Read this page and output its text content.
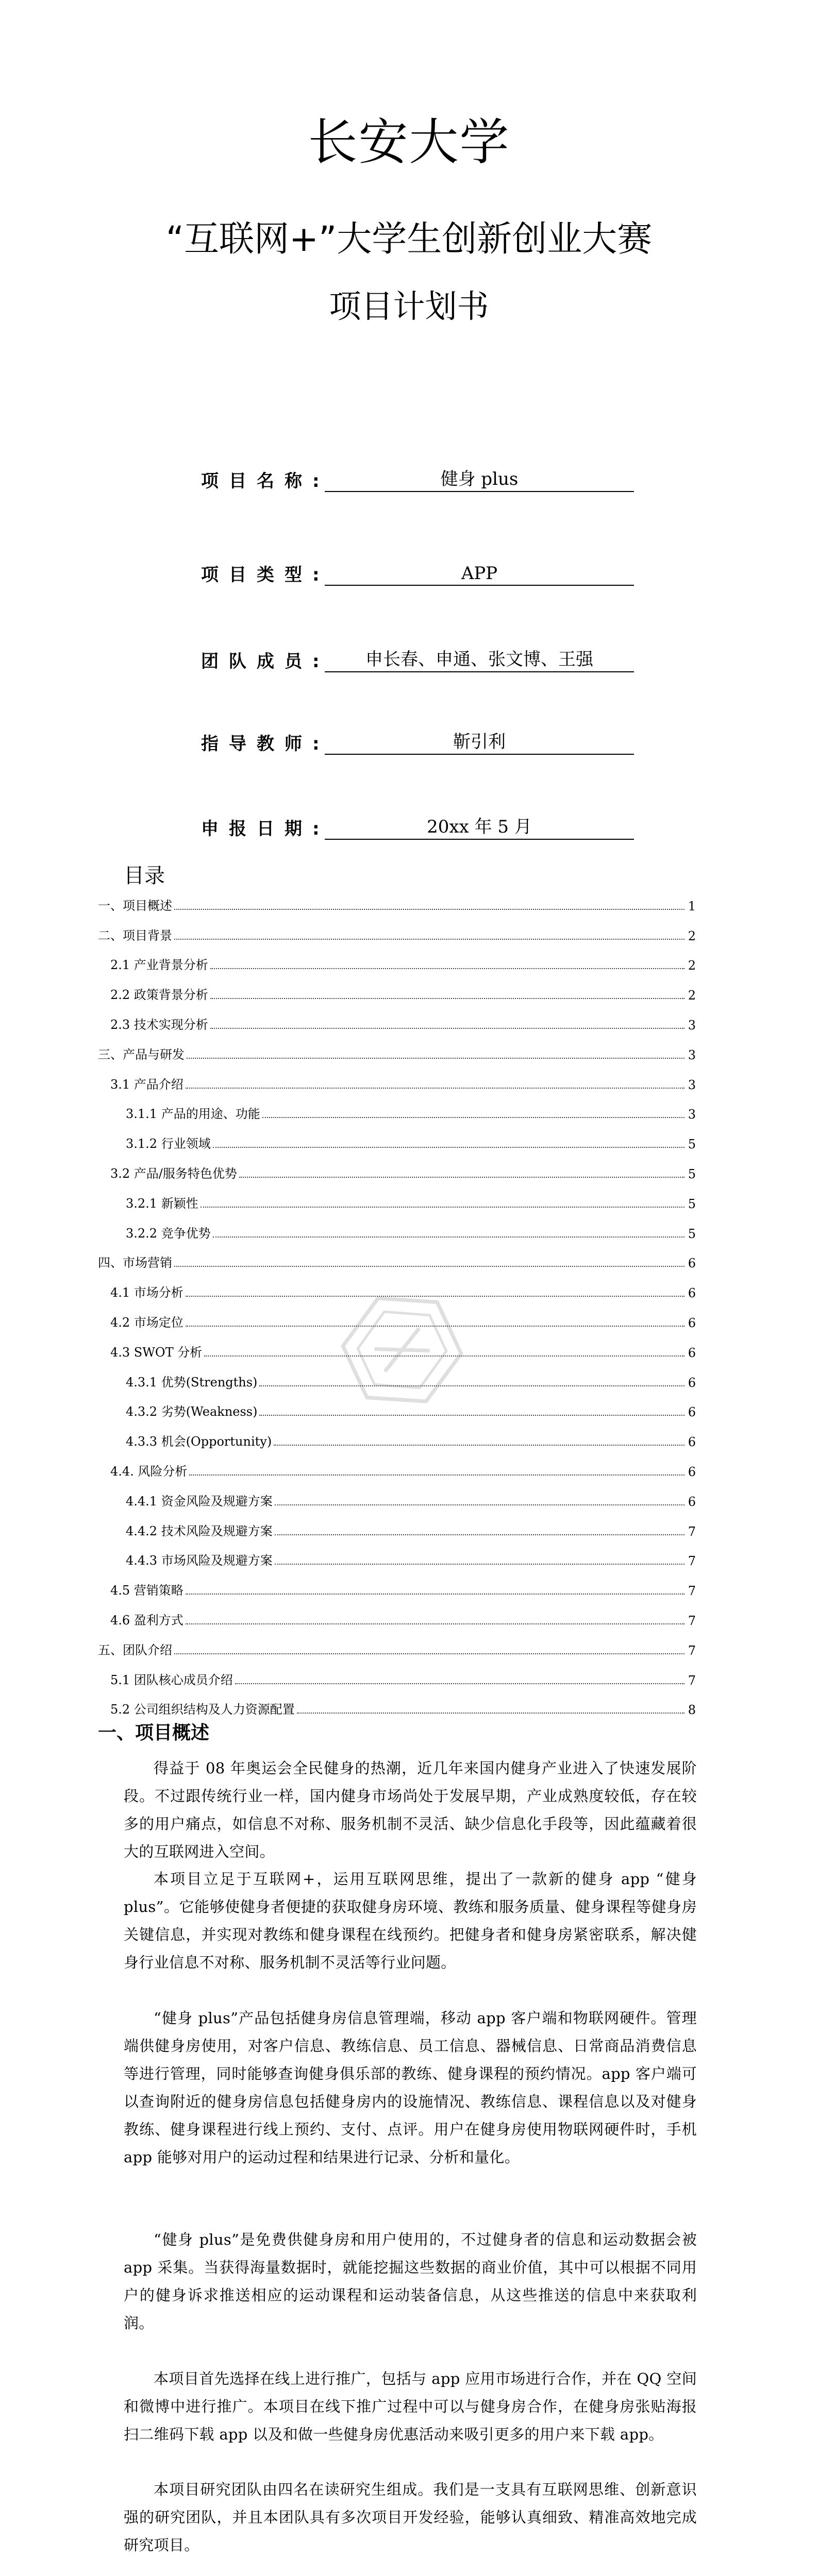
长安大学
“互联网+”大学生创新创业大赛
项目计划书
项目名称:	健身 plus
项目类型:	APP
团队成员:	申长春、申通、张文博、王强
指导教师:	靳引利
申报日期:	20xx 年 5 月
目录
一、项目概述	1
二、项目背景	2
2.1 产业背景分析	2
2.2 政策背景分析	2
2.3 技术实现分析	3
三、产品与研发	3
3.1 产品介绍	3
3.1.1 产品的用途、功能	3
3.1.2 行业领域	5
3.2 产品/服务特色优势	5
3.2.1 新颖性	5
3.2.2 竞争优势	5
四、市场营销	6
4.1 市场分析	6
4.2 市场定位	6
4.3 SWOT 分析	6
4.3.1 优势(Strengths)	6
4.3.2 劣势(Weakness)	6
4.3.3 机会(Opportunity)	6
4.4. 风险分析	6
4.4.1 资金风险及规避方案	6
4.4.2 技术风险及规避方案	7
4.4.3 市场风险及规避方案	7
4.5 营销策略	7
4.6 盈利方式	7
五、团队介绍	7
5.1 团队核心成员介绍	7
5.2 公司组织结构及人力资源配置	8
一、项目概述
得益于 08 年奥运会全民健身的热潮，近几年来国内健身产业进入了快速发展阶段。不过跟传统行业一样，国内健身市场尚处于发展早期，产业成熟度较低，存在较多的用户痛点，如信息不对称、服务机制不灵活、缺少信息化手段等，因此蕴藏着很大的互联网进入空间。
本项目立足于互联网+，运用互联网思维，提出了一款新的健身 app “健身plus”。它能够使健身者便捷的获取健身房环境、教练和服务质量、健身课程等健身房关键信息，并实现对教练和健身课程在线预约。把健身者和健身房紧密联系，解决健身行业信息不对称、服务机制不灵活等行业问题。
“健身 plus”产品包括健身房信息管理端，移动 app 客户端和物联网硬件。管理端供健身房使用，对客户信息、教练信息、员工信息、器械信息、日常商品消费信息等进行管理，同时能够查询健身俱乐部的教练、健身课程的预约情况。app 客户端可以查询附近的健身房信息包括健身房内的设施情况、教练信息、课程信息以及对健身教练、健身课程进行线上预约、支付、点评。用户在健身房使用物联网硬件时，手机 app 能够对用户的运动过程和结果进行记录、分析和量化。
“健身 plus”是免费供健身房和用户使用的，不过健身者的信息和运动数据会被 app 采集。当获得海量数据时，就能挖掘这些数据的商业价值，其中可以根据不同用户的健身诉求推送相应的运动课程和运动装备信息，从这些推送的信息中来获取利润。
本项目首先选择在线上进行推广，包括与 app 应用市场进行合作，并在 QQ 空间和微博中进行推广。本项目在线下推广过程中可以与健身房合作，在健身房张贴海报扫二维码下载 app 以及和做一些健身房优惠活动来吸引更多的用户来下载 app。
本项目研究团队由四名在读研究生组成。我们是一支具有互联网思维、创新意识强的研究团队，并且本团队具有多次项目开发经验，能够认真细致、精准高效地完成研究项目。
